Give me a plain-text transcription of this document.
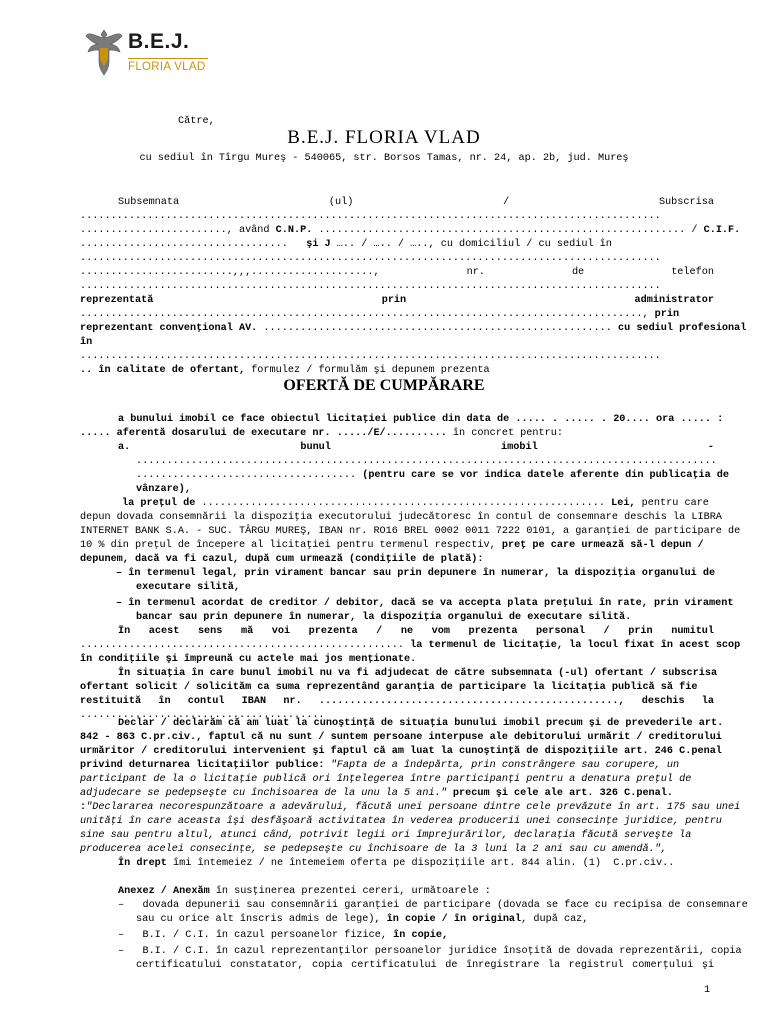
B.E.J.
FLORIA VLAD
Către,
B.E.J. FLORIA VLAD
cu sediul în Tîrgu Mureş - 540065, str. Borsos Tamas, nr. 24, ap. 2b, jud. Mureş
Subsemnata	(ul)	/	Subscrisa
...............................................................................................
........................, având C.N.P. ............................................................ / C.I.F.
..................................   şi J ….. / ….. / ….., cu domiciliul / cu sediul în
...............................................................................................
.........................,,,....................,	nr.	de	telefon
...............................................................................................
reprezentată	prin	administrator
............................................................................................, prin
reprezentant convenţional AV. ......................................................... cu sediul profesional
în
...............................................................................................
.. în calitate de ofertant, formulez / formulăm şi depunem prezenta
OFERTĂ DE CUMPĂRARE
a bunului imobil ce face obiectul licitaţiei publice din data de ..... . ..... . 20.... ora ..... :
..... aferentă dosarului de executare nr. ...../E/.......... în concret pentru:
a. bunul	imobil	-
...............................................................................................
.................................... (pentru care se vor indica datele aferente din publicaţia de
vânzare),
la preţul de .................................................................. Lei, pentru care
depun dovada consemnării la dispoziţia executorului judecătoresc în contul de consemnare deschis la LIBRA
INTERNET BANK S.A. - SUC. TÂRGU MUREŞ, IBAN nr. RO16 BREL 0002 0011 7222 0101, a garanţiei de participare de
10 % din preţul de începere al licitaţiei pentru termenul respectiv, preţ pe care urmează să-l depun /
depunem, dacă va fi cazul, după cum urmează (condiţiile de plată):
– în termenul legal, prin virament bancar sau prin depunere în numerar, la dispoziţia organului de
executare silită,
– în termenul acordat de creditor / debitor, dacă se va accepta plata preţului în rate, prin virament
bancar sau prin depunere în numerar, la dispoziţia organului de executare silită.
În acest sens mă voi prezenta / ne vom prezenta personal / prin numitul
..................................................... la termenul de licitaţie, la locul fixat în acest scop
în condiţiile şi împreună cu actele mai jos menţionate.
În situaţia în care bunul imobil nu va fi adjudecat de către subsemnata (-ul) ofertant / subscrisa
ofertant solicit / solicităm ca suma reprezentând garanţia de participare la licitaţia publică să fie
restituită în contul IBAN nr. ................................................., deschis la
........................................
Declar / declarăm că am luat la cunoştinţă de situaţia bunului imobil precum şi de prevederile art.
842 - 863 C.pr.civ., faptul că nu sunt / suntem persoane interpuse ale debitorului urmărit / creditorului
urmăritor / creditorului intervenient şi faptul că am luat la cunoştinţă de dispoziţiile art. 246 C.penal
privind deturnarea licitaţiilor publice: "Fapta de a îndepărta, prin constrângere sau corupere, un
participant de la o licitaţie publică ori înţelegerea între participanţi pentru a denatura preţul de
adjudecare se pedepseşte cu închisoarea de la unu la 5 ani." precum şi cele ale art. 326 C.penal.
:"Declararea necorespunzătoare a adevărului, făcută unei persoane dintre cele prevăzute în art. 175 sau unei
unităţi în care aceasta îşi desfăşoară activitatea în vederea producerii unei consecinţe juridice, pentru
sine sau pentru altul, atunci când, potrivit legii ori împrejurărilor, declaraţia făcută serveşte la
producerea acelei consecinţe, se pedepseşte cu închisoare de la 3 luni la 2 ani sau cu amendă.",
În drept îmi întemeiez / ne întemeiem oferta pe dispoziţiile art. 844 alin. (1)  C.pr.civ..
Anexez / Anexăm în susţinerea prezentei cereri, următoarele :
–   dovada depunerii sau consemnării garanţiei de participare (dovada se face cu recipisa de consemnare
sau cu orice alt înscris admis de lege), în copie / în original, după caz,
–   B.I. / C.I. în cazul persoanelor fizice, în copie,
–   B.I. / C.I. în cazul reprezentanţilor persoanelor juridice însoţită de dovada reprezentării, copia
certificatului constatator, copia certificatului de înregistrare la registrul comerţului şi
1
